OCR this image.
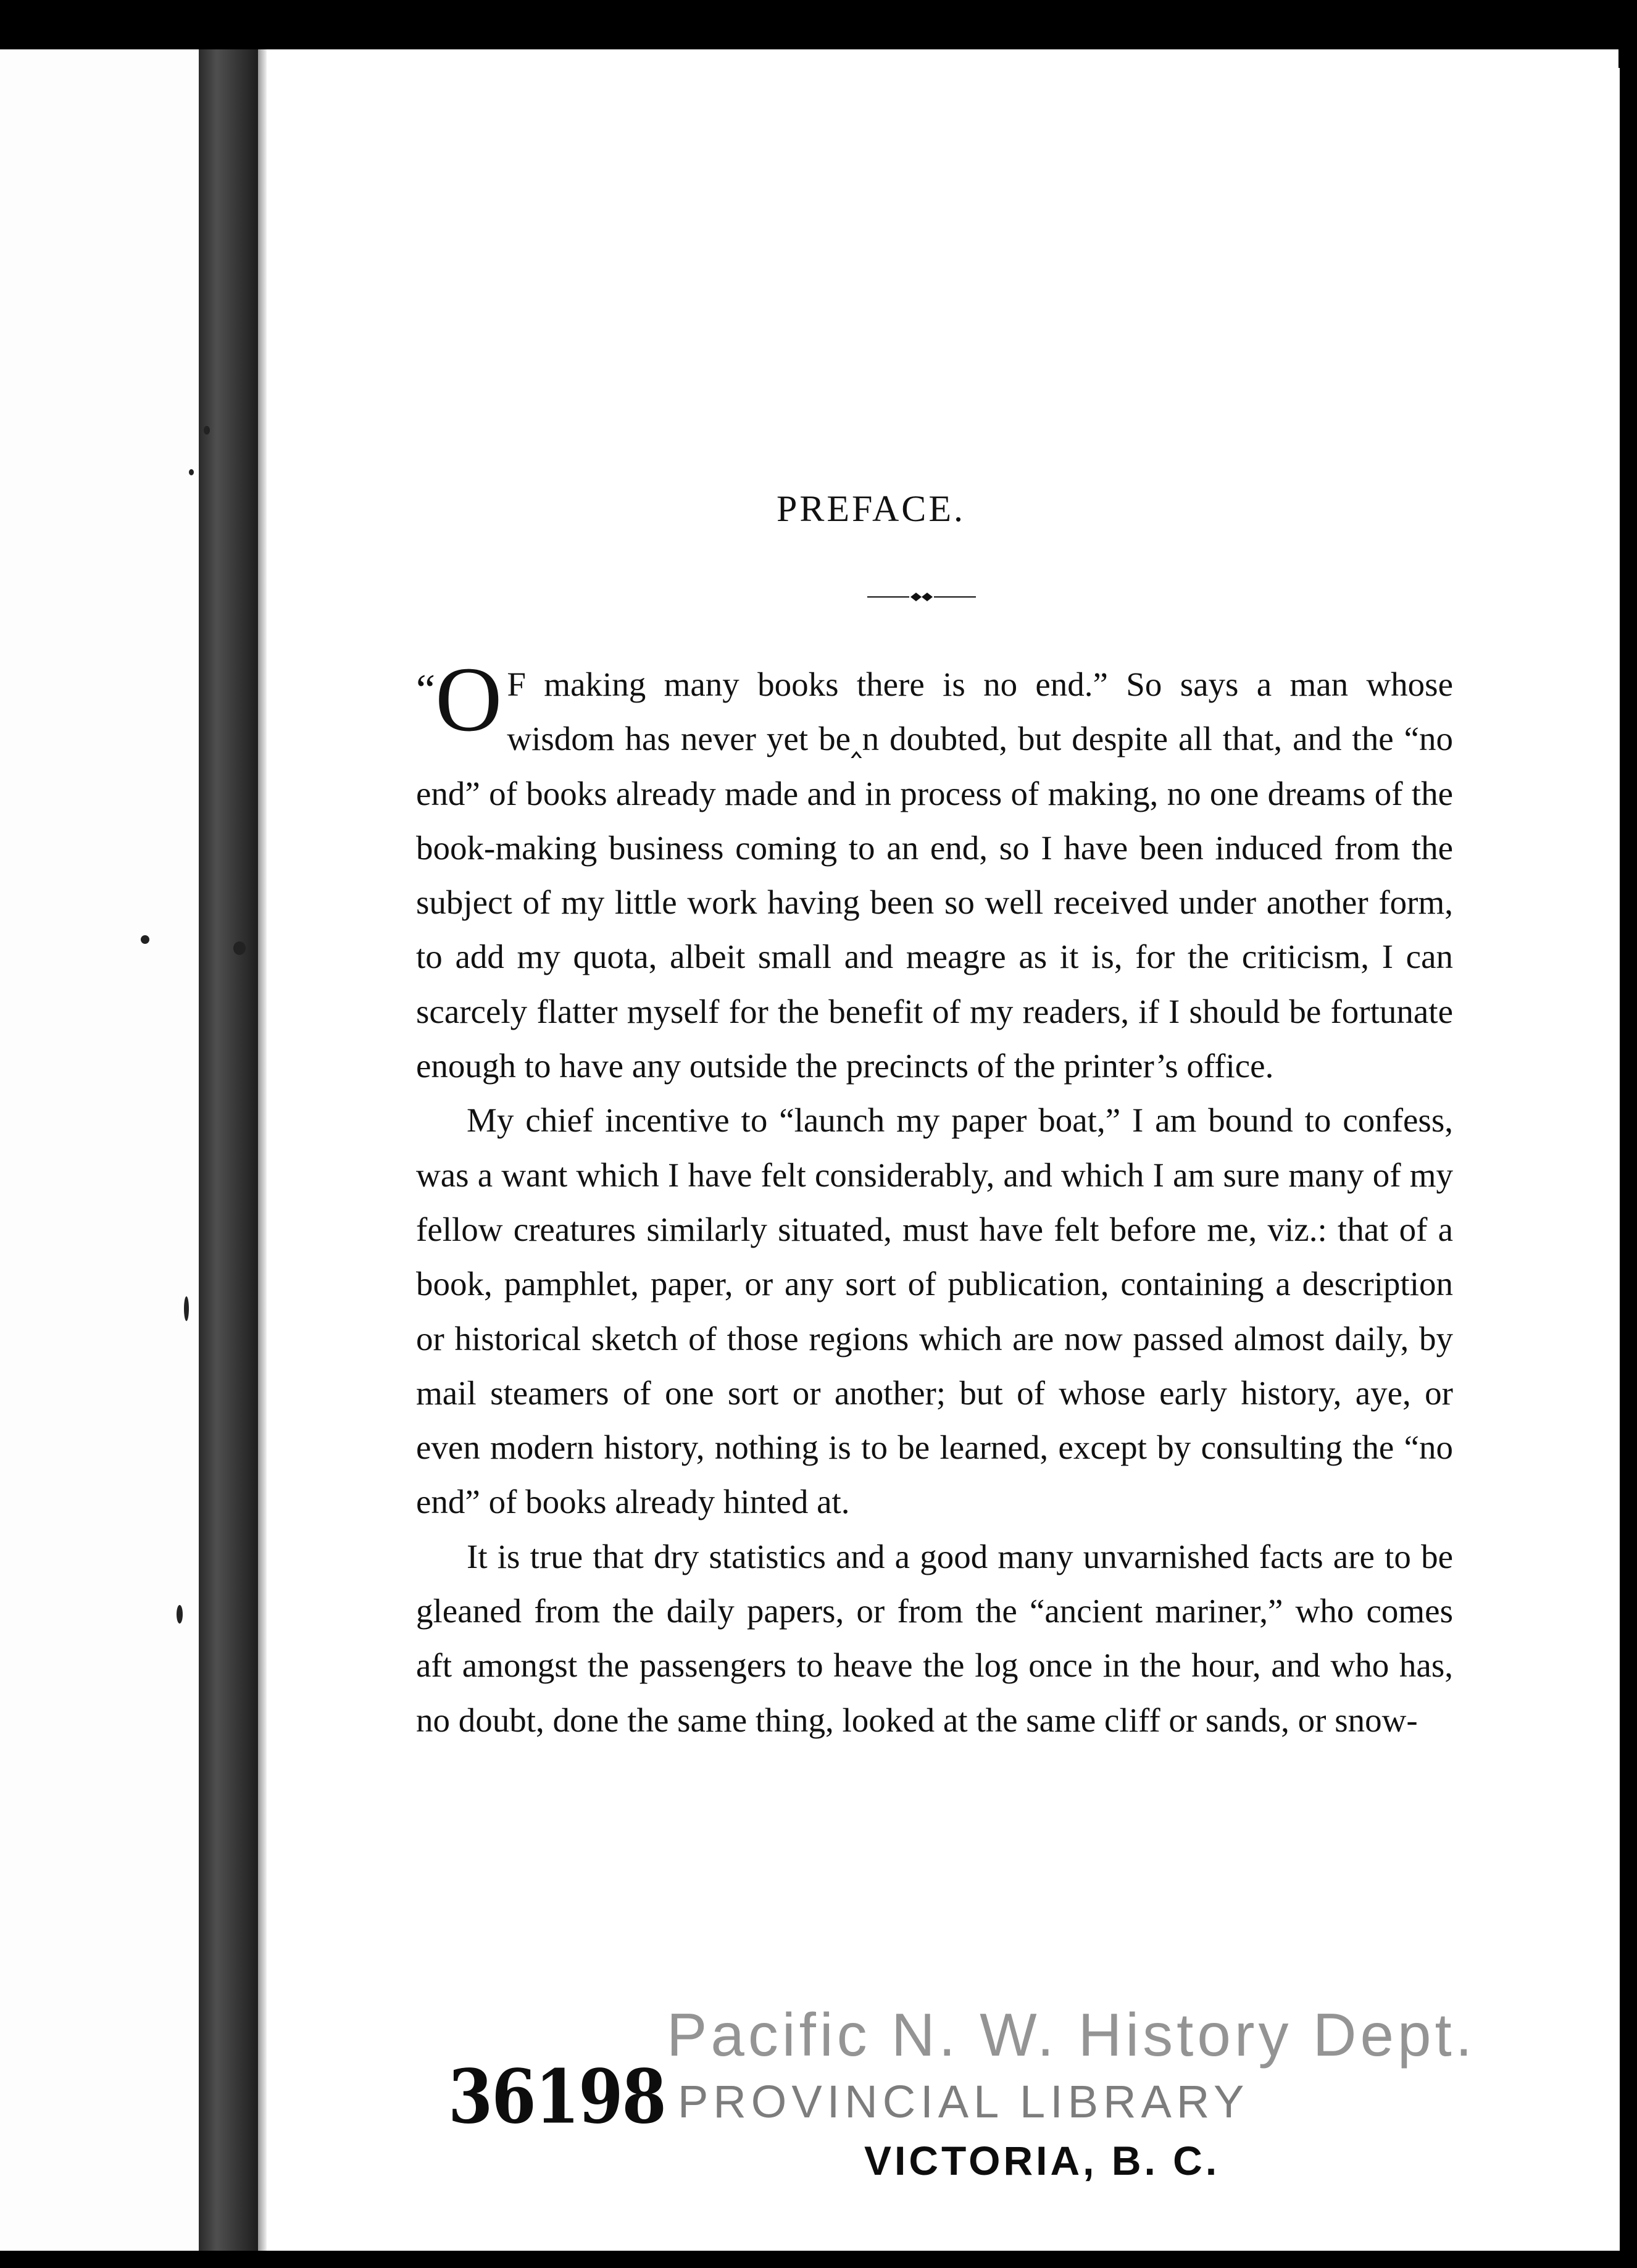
PREFACE.

“O F making many books there is no end.” So says a man whose wisdom has never yet be‸n doubted, but despite all that, and the “no end” of books already made and in process of making, no one dreams of the book-making business coming to an end, so I have been induced from the subject of my little work having been so well received under another form, to add my quota, albeit small and meagre as it is, for the criticism, I can scarcely flatter myself for the benefit of my readers, if I should be fortunate enough to have any outside the precincts of the printer’s office.

My chief incentive to “launch my paper boat,” I am bound to confess, was a want which I have felt considerably, and which I am sure many of my fellow creatures similarly situated, must have felt before me, viz.: that of a book, pamphlet, paper, or any sort of publication, containing a description or historical sketch of those regions which are now passed almost daily, by mail steamers of one sort or another; but of whose early history, aye, or even modern history, nothing is to be learned, except by consulting the “no end” of books already hinted at.

It is true that dry statistics and a good many unvarnished facts are to be gleaned from the daily papers, or from the “ancient mariner,” who comes aft amongst the passengers to heave the log once in the hour, and who has, no doubt, done the same thing, looked at the same cliff or sands, or snow-

Pacific N. W. History Dept.
36198 PROVINCIAL LIBRARY
VICTORIA, B. C.
